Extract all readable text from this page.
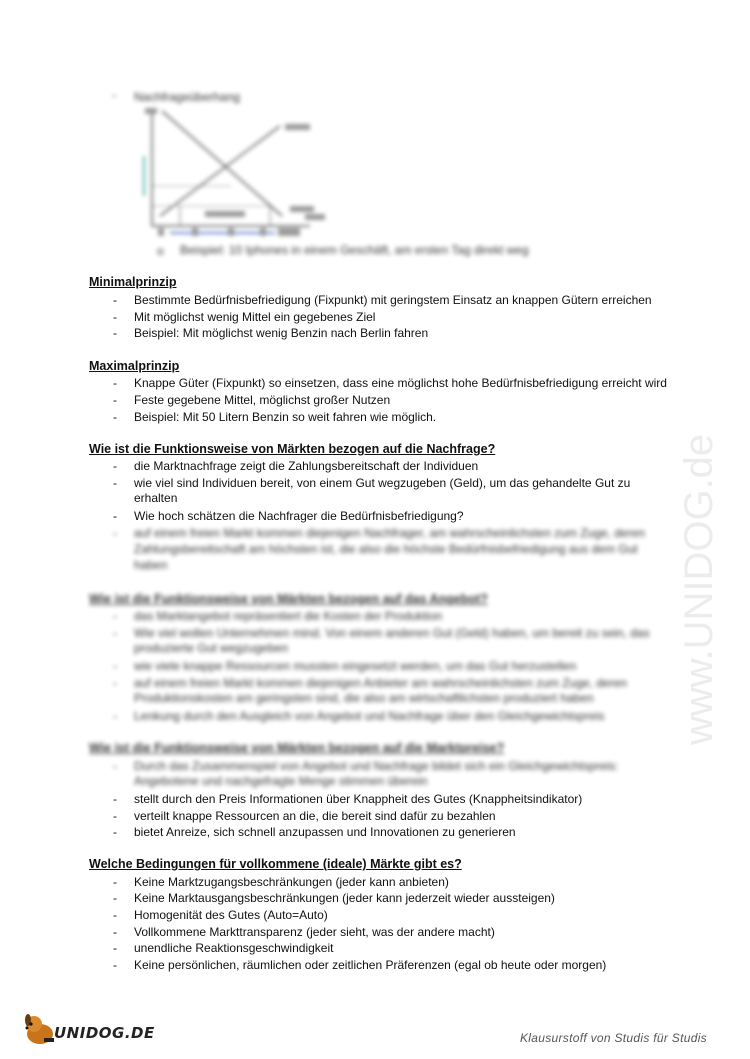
- Nachfrageüberhang
o Beispiel: 10 Iphones in einem Geschäft, am ersten Tag direkt weg
Minimalprinzip
- Bestimmte Bedürfnisbefriedigung (Fixpunkt) mit geringstem Einsatz an knappen Gütern erreichen
- Mit möglichst wenig Mittel ein gegebenes Ziel
- Beispiel: Mit möglichst wenig Benzin nach Berlin fahren
Maximalprinzip
- Knappe Güter (Fixpunkt) so einsetzen, dass eine möglichst hohe Bedürfnisbefriedigung erreicht wird
- Feste gegebene Mittel, möglichst großer Nutzen
- Beispiel: Mit 50 Litern Benzin so weit fahren wie möglich.
Wie ist die Funktionsweise von Märkten bezogen auf die Nachfrage?
- die Marktnachfrage zeigt die Zahlungsbereitschaft der Individuen
- wie viel sind Individuen bereit, von einem Gut wegzugeben (Geld), um das gehandelte Gut zu
erhalten
- Wie hoch schätzen die Nachfrager die Bedürfnisbefriedigung?
- auf einem freien Markt kommen diejenigen Nachfrager, am wahrscheinlichsten zum Zuge, deren
Zahlungsbereitschaft am höchsten ist, die also die höchste Bedürfnisbefriedigung aus dem Gut
haben
Wie ist die Funktionsweise von Märkten bezogen auf das Angebot?
- das Marktangebot repräsentiert die Kosten der Produktion
- Wie viel wollen Unternehmen mind. Von einem anderen Gut (Geld) haben, um bereit zu sein, das
produzierte Gut wegzugeben
- wie viele knappe Ressourcen mussten eingesetzt werden, um das Gut herzustellen
- auf einem freien Markt kommen diejenigen Anbieter am wahrscheinlichsten zum Zuge, deren
Produktionskosten am geringsten sind, die also am wirtschaftlichsten produziert haben
- Lenkung durch den Ausgleich von Angebot und Nachfrage über den Gleichgewichtspreis
Wie ist die Funktionsweise von Märkten bezogen auf die Marktpreise?
- Durch das Zusammenspiel von Angebot und Nachfrage bildet sich ein Gleichgewichtspreis:
Angebotene und nachgefragte Menge stimmen überein
- stellt durch den Preis Informationen über Knappheit des Gutes (Knappheitsindikator)
- verteilt knappe Ressourcen an die, die bereit sind dafür zu bezahlen
- bietet Anreize, sich schnell anzupassen und Innovationen zu generieren
Welche Bedingungen für vollkommene (ideale) Märkte gibt es?
- Keine Marktzugangsbeschränkungen (jeder kann anbieten)
- Keine Marktausgangsbeschränkungen (jeder kann jederzeit wieder aussteigen)
- Homogenität des Gutes (Auto=Auto)
- Vollkommene Markttransparenz (jeder sieht, was der andere macht)
- unendliche Reaktionsgeschwindigkeit
- Keine persönlichen, räumlichen oder zeitlichen Präferenzen (egal ob heute oder morgen)
www.UNIDOG.de
UNIDOG.DE	Klausurstoff von Studis für Studis
